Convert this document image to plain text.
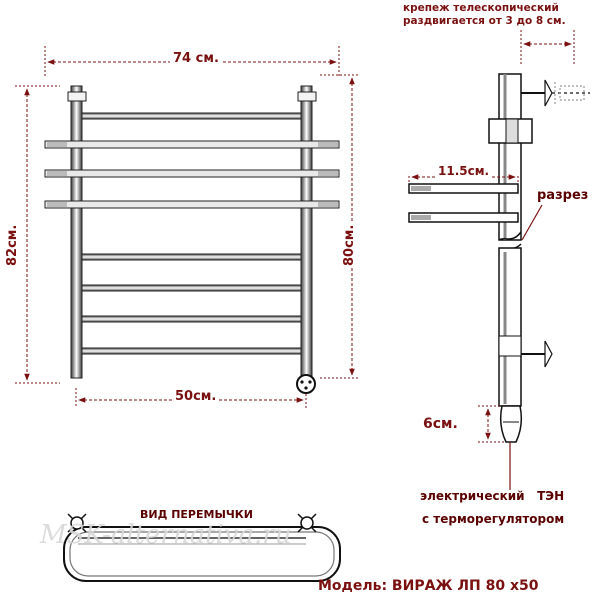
MSK-alternativa.ru
74 см.
82см.	80см.
50см.
крепеж телескопический
раздвигается от 3 до 8 см.
11.5см.
разрез
6см.
электрический   ТЭН
с терморегулятором
ВИД ПЕРЕМЫЧКИ
Модель: ВИРАЖ ЛП 80 x50
